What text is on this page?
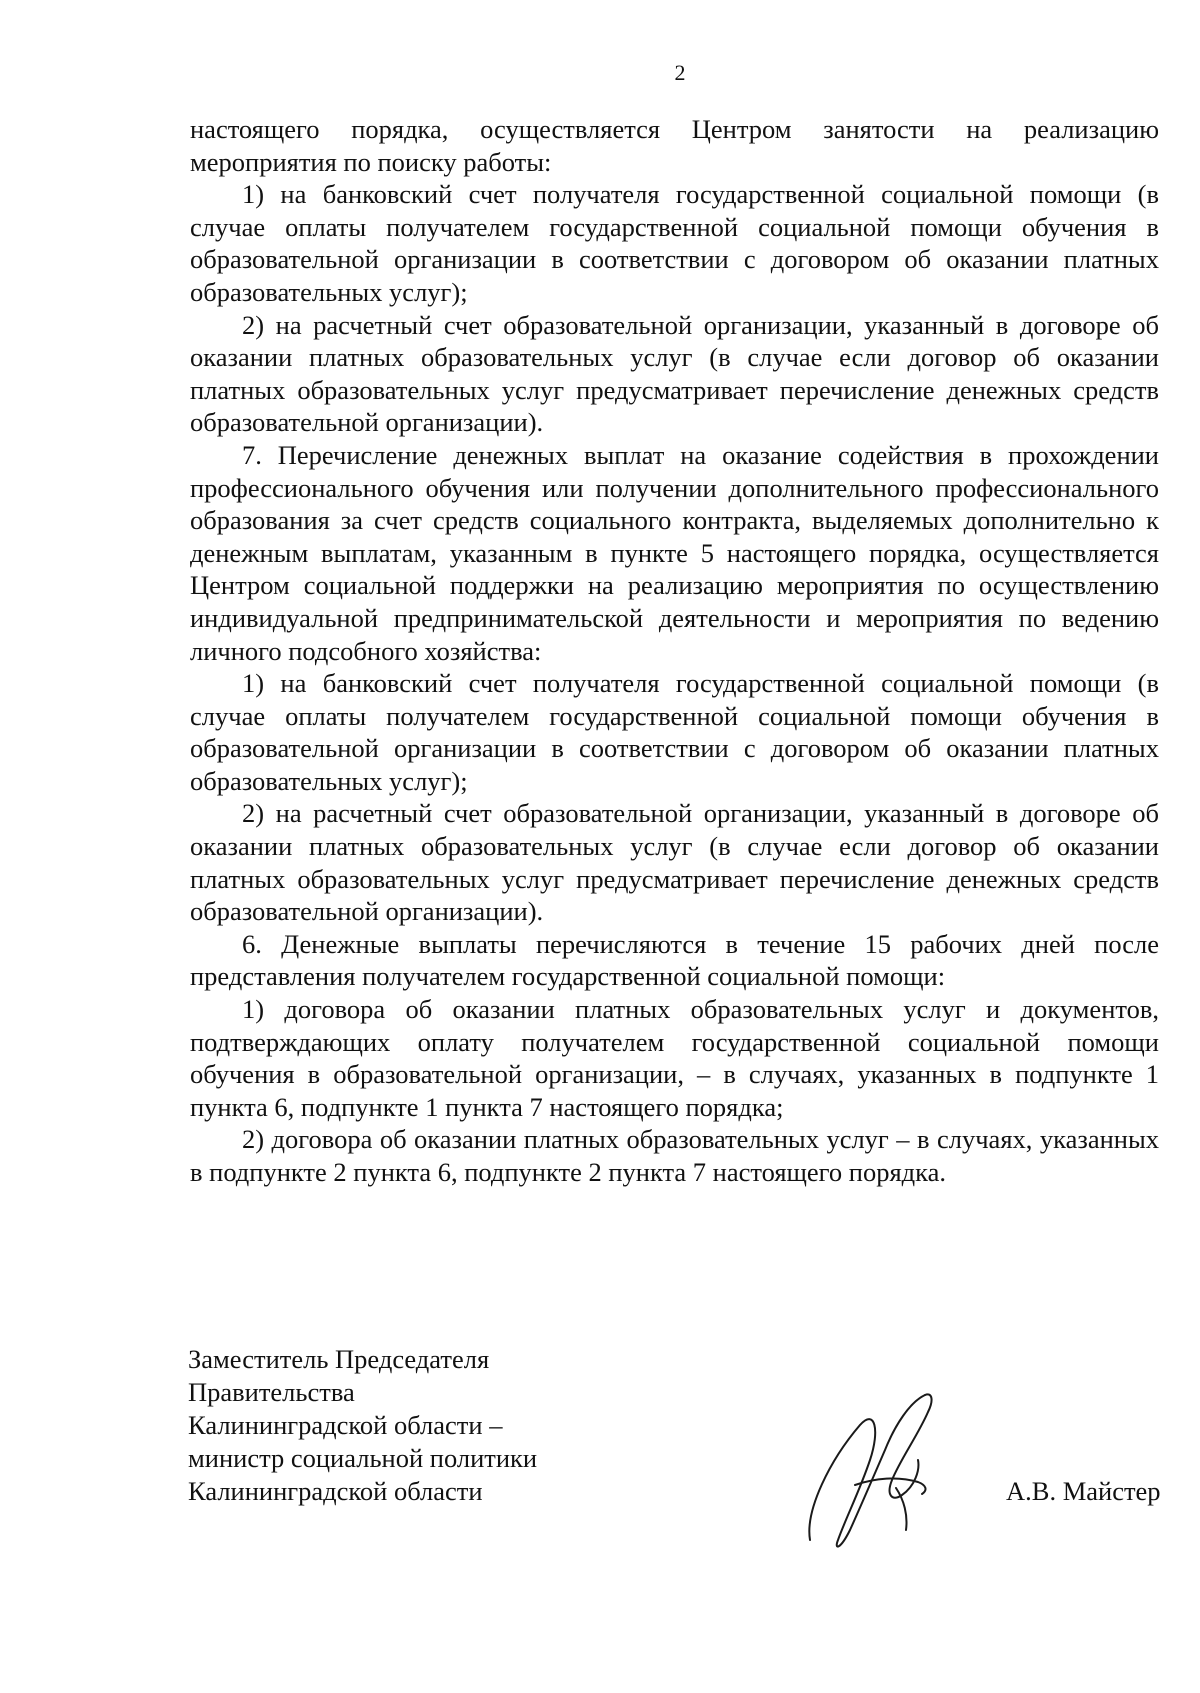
2

настоящего порядка, осуществляется Центром занятости на реализацию мероприятия по поиску работы:

1) на банковский счет получателя государственной социальной помощи (в случае оплаты получателем государственной социальной помощи обучения в образовательной организации в соответствии с договором об оказании платных образовательных услуг);

2) на расчетный счет образовательной организации, указанный в договоре об оказании платных образовательных услуг (в случае если договор об оказании платных образовательных услуг предусматривает перечисление денежных средств образовательной организации).

7. Перечисление денежных выплат на оказание содействия в прохождении профессионального обучения или получении дополнительного профессионального образования за счет средств социального контракта, выделяемых дополнительно к денежным выплатам, указанным в пункте 5 настоящего порядка, осуществляется Центром социальной поддержки на реализацию мероприятия по осуществлению индивидуальной предпринимательской деятельности и мероприятия по ведению личного подсобного хозяйства:

1) на банковский счет получателя государственной социальной помощи (в случае оплаты получателем государственной социальной помощи обучения в образовательной организации в соответствии с договором об оказании платных образовательных услуг);

2) на расчетный счет образовательной организации, указанный в договоре об оказании платных образовательных услуг (в случае если договор об оказании платных образовательных услуг предусматривает перечисление денежных средств образовательной организации).

6. Денежные выплаты перечисляются в течение 15 рабочих дней после представления получателем государственной социальной помощи:

1) договора об оказании платных образовательных услуг и документов, подтверждающих оплату получателем государственной социальной помощи обучения в образовательной организации, – в случаях, указанных в подпункте 1 пункта 6, подпункте 1 пункта 7 настоящего порядка;

2) договора об оказании платных образовательных услуг – в случаях, указанных в подпункте 2 пункта 6, подпункте 2 пункта 7 настоящего порядка.

Заместитель Председателя
Правительства
Калининградской области –
министр социальной политики
Калининградской области	А.В. Майстер
